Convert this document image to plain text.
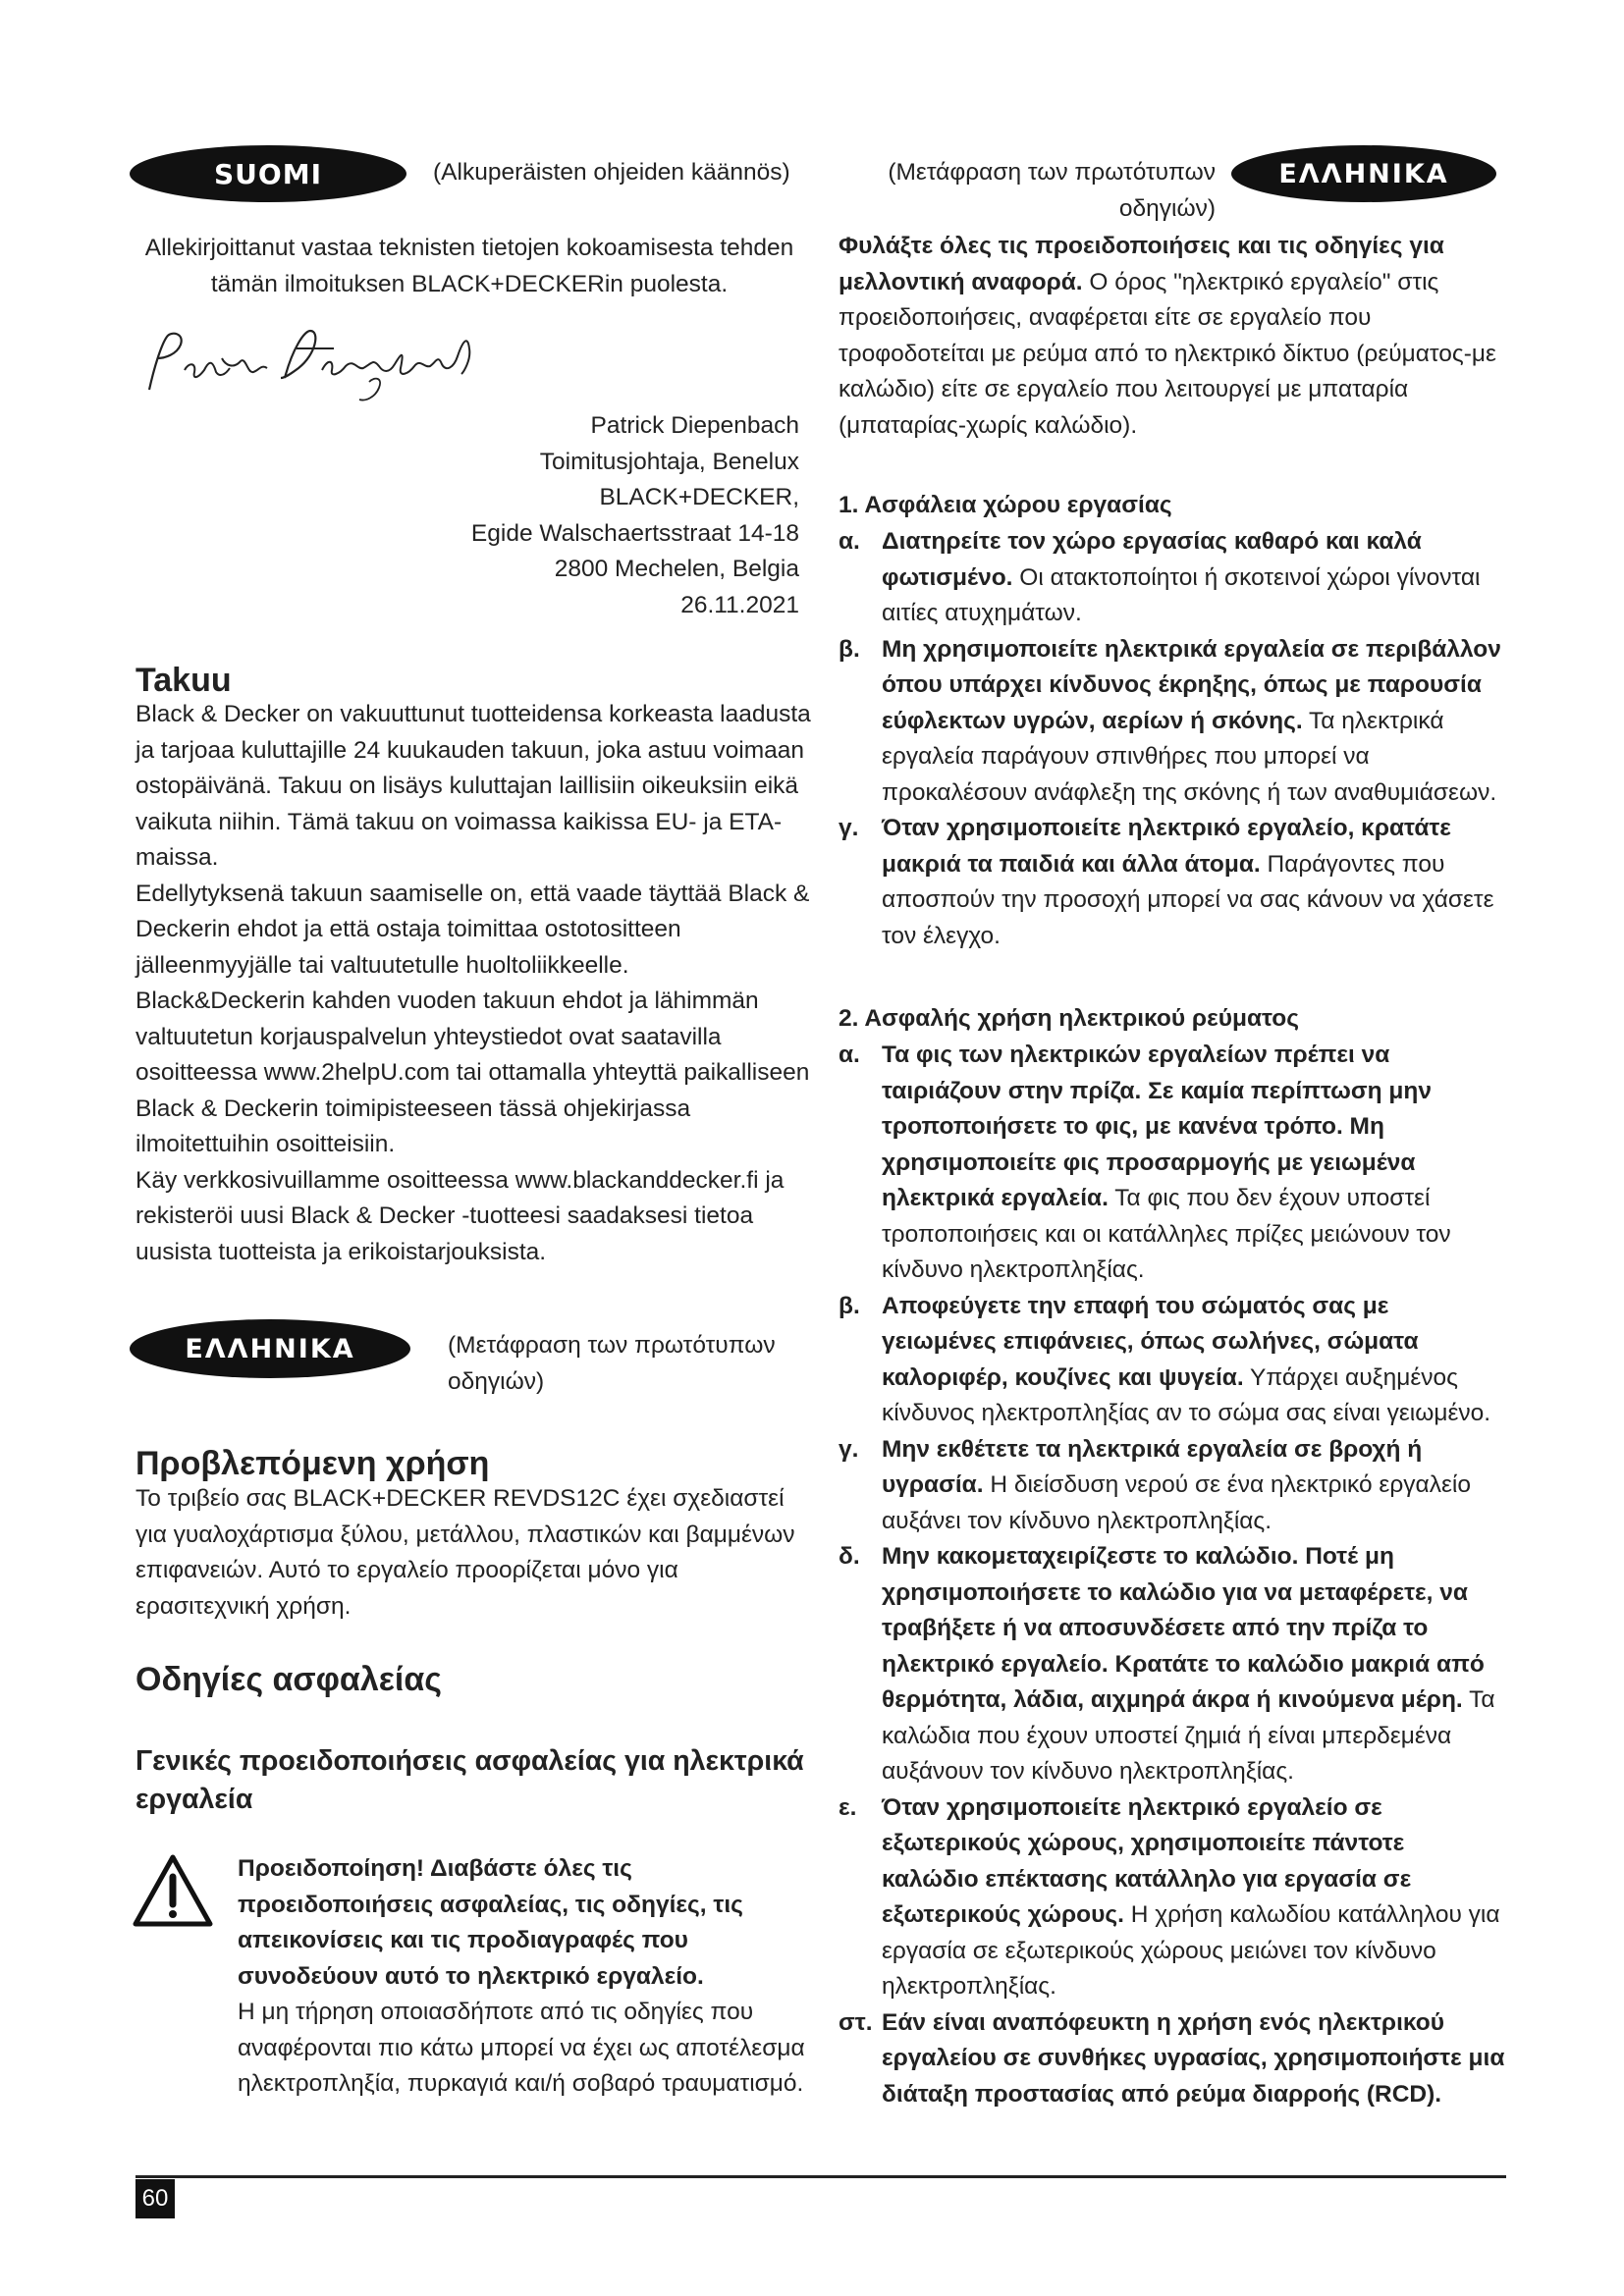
SUOMI	(Alkuperäisten ohjeiden käännös)
Allekirjoittanut vastaa teknisten tietojen kokoamisesta tehden tämän ilmoituksen BLACK+DECKERin puolesta.
Patrick Diepenbach
Toimitusjohtaja, Benelux
BLACK+DECKER,
Egide Walschaertsstraat 14-18
2800 Mechelen, Belgia
26.11.2021
Takuu

Black & Decker on vakuuttunut tuotteidensa korkeasta laadusta ja tarjoaa kuluttajille 24 kuukauden takuun, joka astuu voimaan ostopäivänä. Takuu on lisäys kuluttajan laillisiin oikeuksiin eikä vaikuta niihin. Tämä takuu on voimassa kaikissa EU- ja ETA-maissa.

Edellytyksenä takuun saamiselle on, että vaade täyttää Black & Deckerin ehdot ja että ostaja toimittaa ostotositteen jälleenmyyjälle tai valtuutetulle huoltoliikkeelle.

Black&Deckerin kahden vuoden takuun ehdot ja lähimmän valtuutetun korjauspalvelun yhteystiedot ovat saatavilla osoitteessa www.2helpU.com tai ottamalla yhteyttä paikalliseen Black & Deckerin toimipisteeseen tässä ohjekirjassa ilmoitettuihin osoitteisiin.

Käy verkkosivuillamme osoitteessa www.blackanddecker.fi ja rekisteröi uusi Black & Decker -tuotteesi saadaksesi tietoa uusista tuotteista ja erikoistarjouksista.

ΕΛΛΗΝΙΚΑ	(Μετάφραση των πρωτότυπων οδηγιών)
Προβλεπόμενη χρήση
Το τριβείο σας BLACK+DECKER REVDS12C έχει σχεδιαστεί για γυαλοχάρτισμα ξύλου, μετάλλου, πλαστικών και βαμμένων επιφανειών. Αυτό το εργαλείο προορίζεται μόνο για ερασιτεχνική χρήση.
Οδηγίες ασφαλείας
Γενικές προειδοποιήσεις ασφαλείας για ηλεκτρικά εργαλεία
Προειδοποίηση! Διαβάστε όλες τις προειδοποιήσεις ασφαλείας, τις οδηγίες, τις απεικονίσεις και τις προδιαγραφές που συνοδεύουν αυτό το ηλεκτρικό εργαλείο.
Η μη τήρηση οποιασδήποτε από τις οδηγίες που αναφέρονται πιο κάτω μπορεί να έχει ως αποτέλεσμα ηλεκτροπληξία, πυρκαγιά και/ή σοβαρό τραυματισμό.
(Μετάφραση των πρωτότυπων οδηγιών)
ΕΛΛΗΝΙΚΑ
Φυλάξτε όλες τις προειδοποιήσεις και τις οδηγίες για μελλοντική αναφορά. Ο όρος "ηλεκτρικό εργαλείο" στις προειδοποιήσεις, αναφέρεται είτε σε εργαλείο που τροφοδοτείται με ρεύμα από το ηλεκτρικό δίκτυο (ρεύματος-με καλώδιο) είτε σε εργαλείο που λειτουργεί με μπαταρία (μπαταρίας-χωρίς καλώδιο).
1. Ασφάλεια χώρου εργασίας
α. Διατηρείτε τον χώρο εργασίας καθαρό και καλά φωτισμένο. Οι ατακτοποίητοι ή σκοτεινοί χώροι γίνονται αιτίες ατυχημάτων.
β. Μη χρησιμοποιείτε ηλεκτρικά εργαλεία σε περιβάλλον όπου υπάρχει κίνδυνος έκρηξης, όπως με παρουσία εύφλεκτων υγρών, αερίων ή σκόνης. Τα ηλεκτρικά εργαλεία παράγουν σπινθήρες που μπορεί να προκαλέσουν ανάφλεξη της σκόνης ή των αναθυμιάσεων.
γ. Όταν χρησιμοποιείτε ηλεκτρικό εργαλείο, κρατάτε μακριά τα παιδιά και άλλα άτομα. Παράγοντες που αποσπούν την προσοχή μπορεί να σας κάνουν να χάσετε τον έλεγχο.
2. Ασφαλής χρήση ηλεκτρικού ρεύματος
α. Τα φις των ηλεκτρικών εργαλείων πρέπει να ταιριάζουν στην πρίζα. Σε καμία περίπτωση μην τροποποιήσετε το φις, με κανένα τρόπο. Μη χρησιμοποιείτε φις προσαρμογής με γειωμένα ηλεκτρικά εργαλεία. Τα φις που δεν έχουν υποστεί τροποποιήσεις και οι κατάλληλες πρίζες μειώνουν τον κίνδυνο ηλεκτροπληξίας.
β. Αποφεύγετε την επαφή του σώματός σας με γειωμένες επιφάνειες, όπως σωλήνες, σώματα καλοριφέρ, κουζίνες και ψυγεία. Υπάρχει αυξημένος κίνδυνος ηλεκτροπληξίας αν το σώμα σας είναι γειωμένο.
γ. Μην εκθέτετε τα ηλεκτρικά εργαλεία σε βροχή ή υγρασία. Η διείσδυση νερού σε ένα ηλεκτρικό εργαλείο αυξάνει τον κίνδυνο ηλεκτροπληξίας.
δ. Μην κακομεταχειρίζεστε το καλώδιο. Ποτέ μη χρησιμοποιήσετε το καλώδιο για να μεταφέρετε, να τραβήξετε ή να αποσυνδέσετε από την πρίζα το ηλεκτρικό εργαλείο. Κρατάτε το καλώδιο μακριά από θερμότητα, λάδια, αιχμηρά άκρα ή κινούμενα μέρη. Τα καλώδια που έχουν υποστεί ζημιά ή είναι μπερδεμένα αυξάνουν τον κίνδυνο ηλεκτροπληξίας.
ε. Όταν χρησιμοποιείτε ηλεκτρικό εργαλείο σε εξωτερικούς χώρους, χρησιμοποιείτε πάντοτε καλώδιο επέκτασης κατάλληλο για εργασία σε εξωτερικούς χώρους. Η χρήση καλωδίου κατάλληλου για εργασία σε εξωτερικούς χώρους μειώνει τον κίνδυνο ηλεκτροπληξίας.
στ. Εάν είναι αναπόφευκτη η χρήση ενός ηλεκτρικού εργαλείου σε συνθήκες υγρασίας, χρησιμοποιήστε μια διάταξη προστασίας από ρεύμα διαρροής (RCD).
60
